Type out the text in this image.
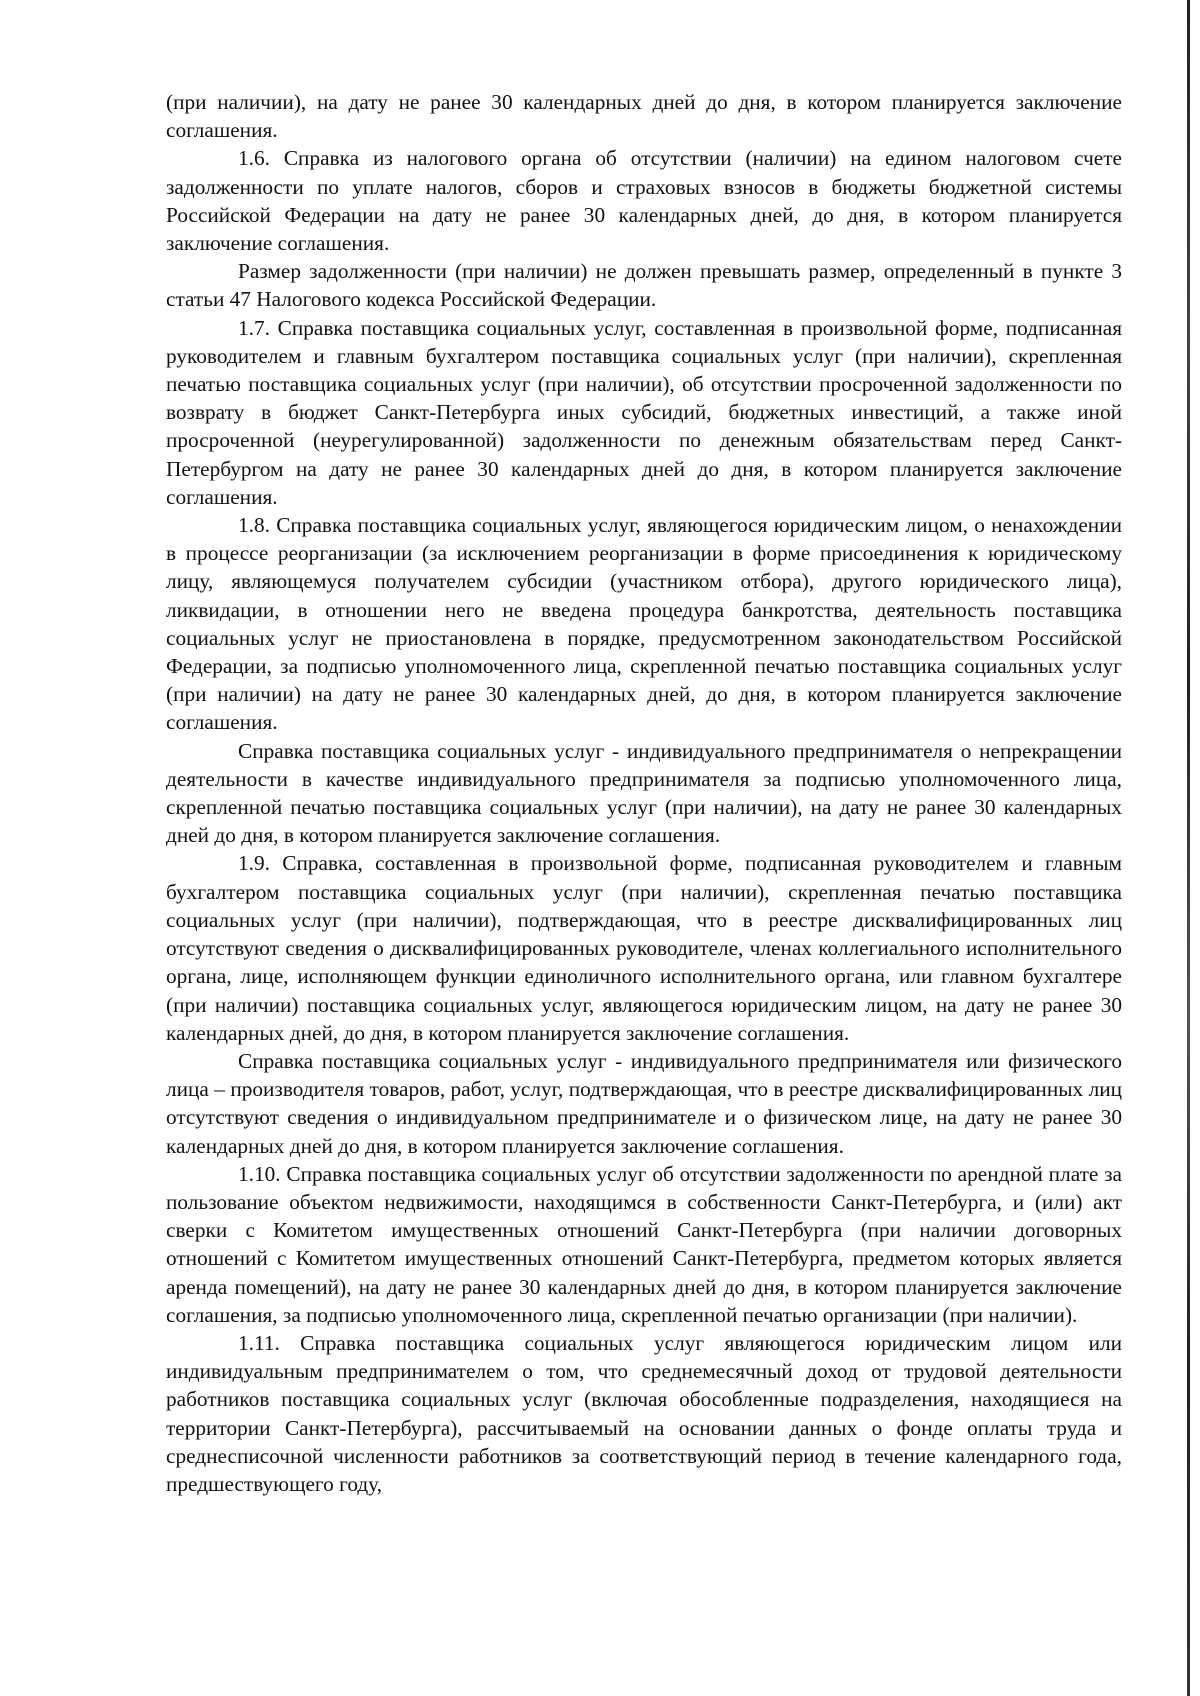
(при наличии), на дату не ранее 30 календарных дней до дня, в котором планируется заключение соглашения.

1.6. Справка из налогового органа об отсутствии (наличии) на едином налоговом счете задолженности по уплате налогов, сборов и страховых взносов в бюджеты бюджетной системы Российской Федерации на дату не ранее 30 календарных дней, до дня, в котором планируется заключение соглашения.

Размер задолженности (при наличии) не должен превышать размер, определенный в пункте 3 статьи 47 Налогового кодекса Российской Федерации.

1.7. Справка поставщика социальных услуг, составленная в произвольной форме, подписанная руководителем и главным бухгалтером поставщика социальных услуг (при наличии), скрепленная печатью поставщика социальных услуг (при наличии), об отсутствии просроченной задолженности по возврату в бюджет Санкт-Петербурга иных субсидий, бюджетных инвестиций, а также иной просроченной (неурегулированной) задолженности по денежным обязательствам перед Санкт-Петербургом на дату не ранее 30 календарных дней до дня, в котором планируется заключение соглашения.

1.8. Справка поставщика социальных услуг, являющегося юридическим лицом, о ненахождении в процессе реорганизации (за исключением реорганизации в форме присоединения к юридическому лицу, являющемуся получателем субсидии (участником отбора), другого юридического лица), ликвидации, в отношении него не введена процедура банкротства, деятельность поставщика социальных услуг не приостановлена в порядке, предусмотренном законодательством Российской Федерации, за подписью уполномоченного лица, скрепленной печатью поставщика социальных услуг (при наличии) на дату не ранее 30 календарных дней, до дня, в котором планируется заключение соглашения.

Справка поставщика социальных услуг - индивидуального предпринимателя о непрекращении деятельности в качестве индивидуального предпринимателя за подписью уполномоченного лица, скрепленной печатью поставщика социальных услуг (при наличии), на дату не ранее 30 календарных дней до дня, в котором планируется заключение соглашения.

1.9. Справка, составленная в произвольной форме, подписанная руководителем и главным бухгалтером поставщика социальных услуг (при наличии), скрепленная печатью поставщика социальных услуг (при наличии), подтверждающая, что в реестре дисквалифицированных лиц отсутствуют сведения о дисквалифицированных руководителе, членах коллегиального исполнительного органа, лице, исполняющем функции единоличного исполнительного органа, или главном бухгалтере (при наличии) поставщика социальных услуг, являющегося юридическим лицом, на дату не ранее 30 календарных дней, до дня, в котором планируется заключение соглашения.

Справка поставщика социальных услуг - индивидуального предпринимателя или физического лица – производителя товаров, работ, услуг, подтверждающая, что в реестре дисквалифицированных лиц отсутствуют сведения о индивидуальном предпринимателе и о физическом лице, на дату не ранее 30 календарных дней до дня, в котором планируется заключение соглашения.

1.10. Справка поставщика социальных услуг об отсутствии задолженности по арендной плате за пользование объектом недвижимости, находящимся в собственности Санкт-Петербурга, и (или) акт сверки с Комитетом имущественных отношений Санкт-Петербурга (при наличии договорных отношений с Комитетом имущественных отношений Санкт-Петербурга, предметом которых является аренда помещений), на дату не ранее 30 календарных дней до дня, в котором планируется заключение соглашения, за подписью уполномоченного лица, скрепленной печатью организации (при наличии).

1.11. Справка поставщика социальных услуг являющегося юридическим лицом или индивидуальным предпринимателем о том, что среднемесячный доход от трудовой деятельности работников поставщика социальных услуг (включая обособленные подразделения, находящиеся на территории Санкт-Петербурга), рассчитываемый на основании данных о фонде оплаты труда и среднесписочной численности работников за соответствующий период в течение календарного года, предшествующего году,
